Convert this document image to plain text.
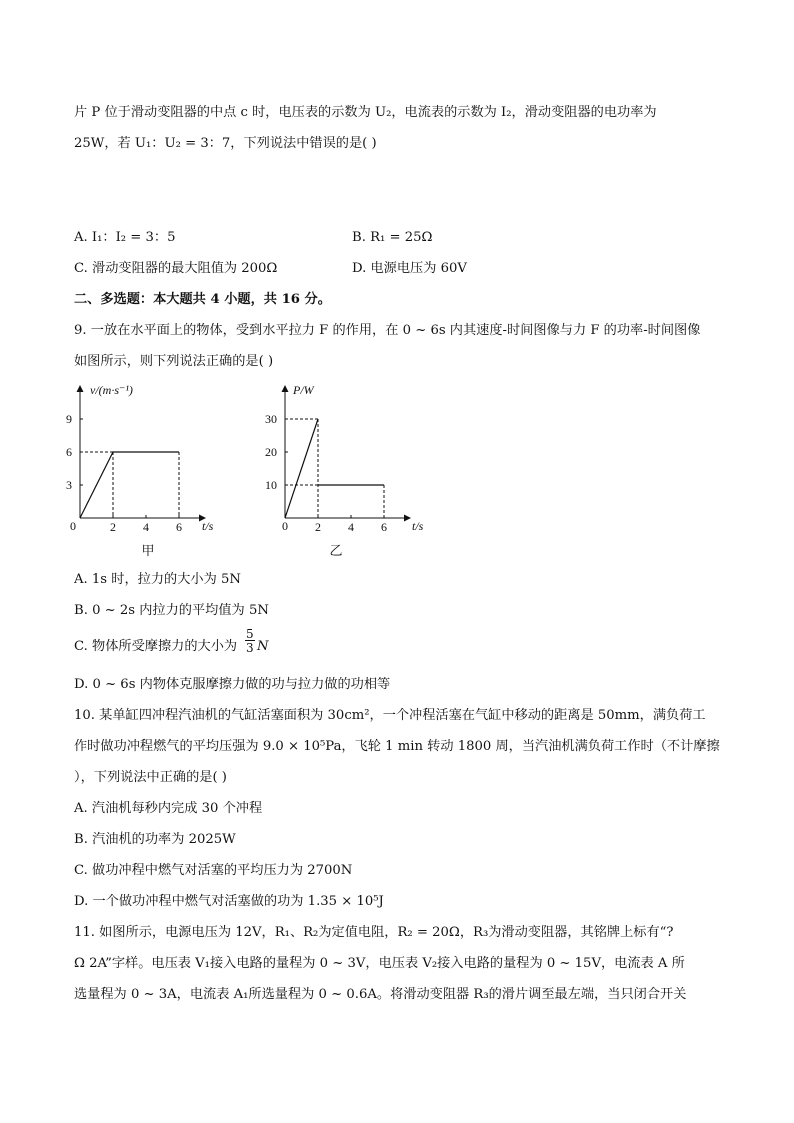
片 P 位于滑动变阻器的中点 c 时，电压表的示数为 U₂，电流表的示数为 I₂，滑动变阻器的电功率为
25W，若 U₁：U₂ = 3：7，下列说法中错误的是( )
A. I₁：I₂ = 3：5	B. R₁ = 25Ω
C. 滑动变阻器的最大阻值为 200Ω	D. 电源电压为 60V
二、多选题：本大题共 4 小题，共 16 分。
9. 一放在水平面上的物体，受到水平拉力 F 的作用，在 0 ~ 6s 内其速度-时间图像与力 F 的功率-时间图像
如图所示，则下列说法正确的是( )
v/(m·s⁻¹)
t/s
0
9
6
3
2 4 6
甲
P/W
t/s
0
30
20
10
2 4 6
乙
A. 1s 时，拉力的大小为 5N
B. 0 ~ 2s 内拉力的平均值为 5N
C. 物体所受摩擦力的大小为 $\frac{5}{3}$ N
D. 0 ~ 6s 内物体克服摩擦力做的功与拉力做的功相等
10. 某单缸四冲程汽油机的气缸活塞面积为 30cm²，一个冲程活塞在气缸中移动的距离是 50mm，满负荷工
作时做功冲程燃气的平均压强为 9.0 × 10⁵Pa，飞轮 1 min 转动 1800 周，当汽油机满负荷工作时（不计摩擦
），下列说法中正确的是( )
A. 汽油机每秒内完成 30 个冲程
B. 汽油机的功率为 2025W
C. 做功冲程中燃气对活塞的平均压力为 2700N
D. 一个做功冲程中燃气对活塞做的功为 1.35 × 10⁵J
11. 如图所示，电源电压为 12V，R₁、R₂为定值电阻，R₂ = 20Ω，R₃为滑动变阻器，其铭牌上标有“?
Ω 2A”字样。电压表 V₁接入电路的量程为 0 ~ 3V，电压表 V₂接入电路的量程为 0 ~ 15V，电流表 A 所
选量程为 0 ~ 3A，电流表 A₁所选量程为 0 ~ 0.6A。将滑动变阻器 R₃的滑片调至最左端，当只闭合开关
